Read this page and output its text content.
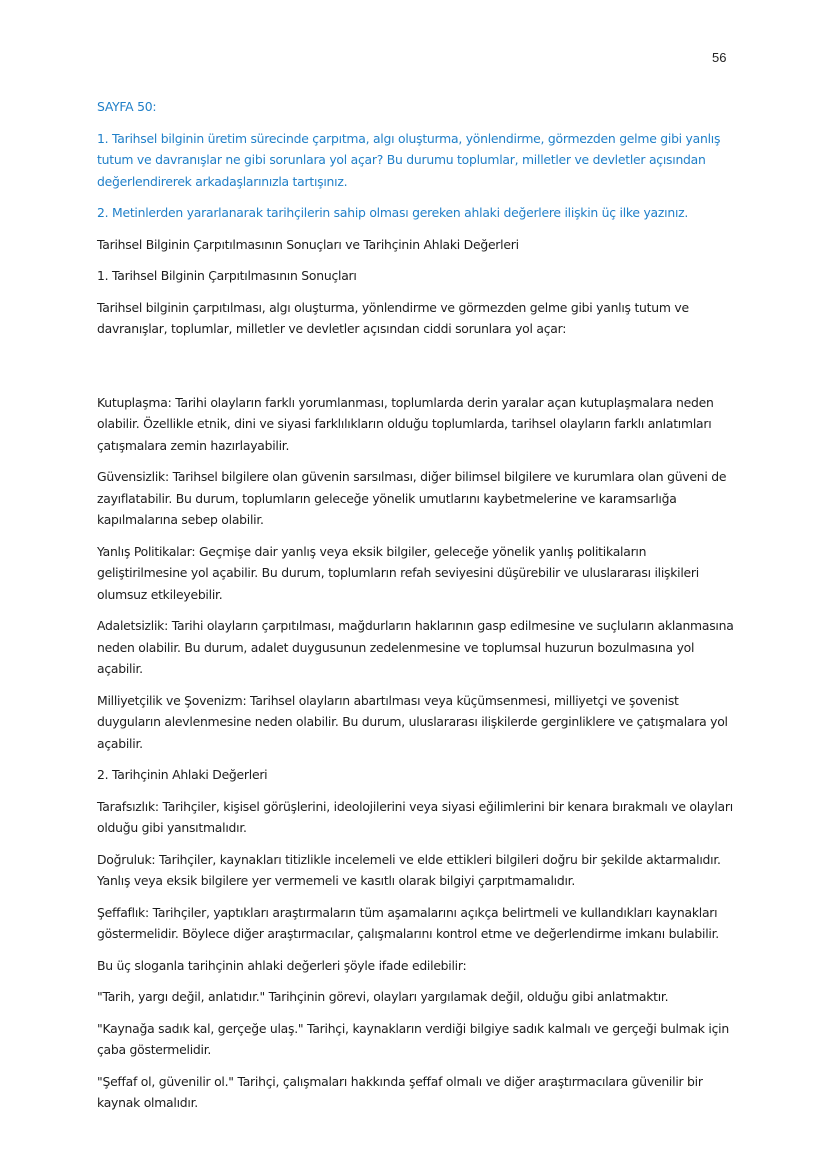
56

SAYFA 50:

1. Tarihsel bilginin üretim sürecinde çarpıtma, algı oluşturma, yönlendirme, görmezden gelme gibi yanlış tutum ve davranışlar ne gibi sorunlara yol açar? Bu durumu toplumlar, milletler ve devletler açısından değerlendirerek arkadaşlarınızla tartışınız.

2. Metinlerden yararlanarak tarihçilerin sahip olması gereken ahlaki değerlere ilişkin üç ilke yazınız.

Tarihsel Bilginin Çarpıtılmasının Sonuçları ve Tarihçinin Ahlaki Değerleri

1. Tarihsel Bilginin Çarpıtılmasının Sonuçları

Tarihsel bilginin çarpıtılması, algı oluşturma, yönlendirme ve görmezden gelme gibi yanlış tutum ve davranışlar, toplumlar, milletler ve devletler açısından ciddi sorunlara yol açar:

Kutuplaşma: Tarihi olayların farklı yorumlanması, toplumlarda derin yaralar açan kutuplaşmalara neden olabilir. Özellikle etnik, dini ve siyasi farklılıkların olduğu toplumlarda, tarihsel olayların farklı anlatımları çatışmalara zemin hazırlayabilir.

Güvensizlik: Tarihsel bilgilere olan güvenin sarsılması, diğer bilimsel bilgilere ve kurumlara olan güveni de zayıflatabilir. Bu durum, toplumların geleceğe yönelik umutlarını kaybetmelerine ve karamsarlığa kapılmalarına sebep olabilir.

Yanlış Politikalar: Geçmişe dair yanlış veya eksik bilgiler, geleceğe yönelik yanlış politikaların geliştirilmesine yol açabilir. Bu durum, toplumların refah seviyesini düşürebilir ve uluslararası ilişkileri olumsuz etkileyebilir.

Adaletsizlik: Tarihi olayların çarpıtılması, mağdurların haklarının gasp edilmesine ve suçluların aklanmasına neden olabilir. Bu durum, adalet duygusunun zedelenmesine ve toplumsal huzurun bozulmasına yol açabilir.

Milliyetçilik ve Şovenizm: Tarihsel olayların abartılması veya küçümsenmesi, milliyetçi ve şovenist duyguların alevlenmesine neden olabilir. Bu durum, uluslararası ilişkilerde gerginliklere ve çatışmalara yol açabilir.

2. Tarihçinin Ahlaki Değerleri

Tarafsızlık: Tarihçiler, kişisel görüşlerini, ideolojilerini veya siyasi eğilimlerini bir kenara bırakmalı ve olayları olduğu gibi yansıtmalıdır.

Doğruluk: Tarihçiler, kaynakları titizlikle incelemeli ve elde ettikleri bilgileri doğru bir şekilde aktarmalıdır. Yanlış veya eksik bilgilere yer vermemeli ve kasıtlı olarak bilgiyi çarpıtmamalıdır.

Şeffaflık: Tarihçiler, yaptıkları araştırmaların tüm aşamalarını açıkça belirtmeli ve kullandıkları kaynakları göstermelidir. Böylece diğer araştırmacılar, çalışmalarını kontrol etme ve değerlendirme imkanı bulabilir.

Bu üç sloganla tarihçinin ahlaki değerleri şöyle ifade edilebilir:

"Tarih, yargı değil, anlatıdır." Tarihçinin görevi, olayları yargılamak değil, olduğu gibi anlatmaktır.

"Kaynağa sadık kal, gerçeğe ulaş." Tarihçi, kaynakların verdiği bilgiye sadık kalmalı ve gerçeği bulmak için çaba göstermelidir.

"Şeffaf ol, güvenilir ol." Tarihçi, çalışmaları hakkında şeffaf olmalı ve diğer araştırmacılara güvenilir bir kaynak olmalıdır.
